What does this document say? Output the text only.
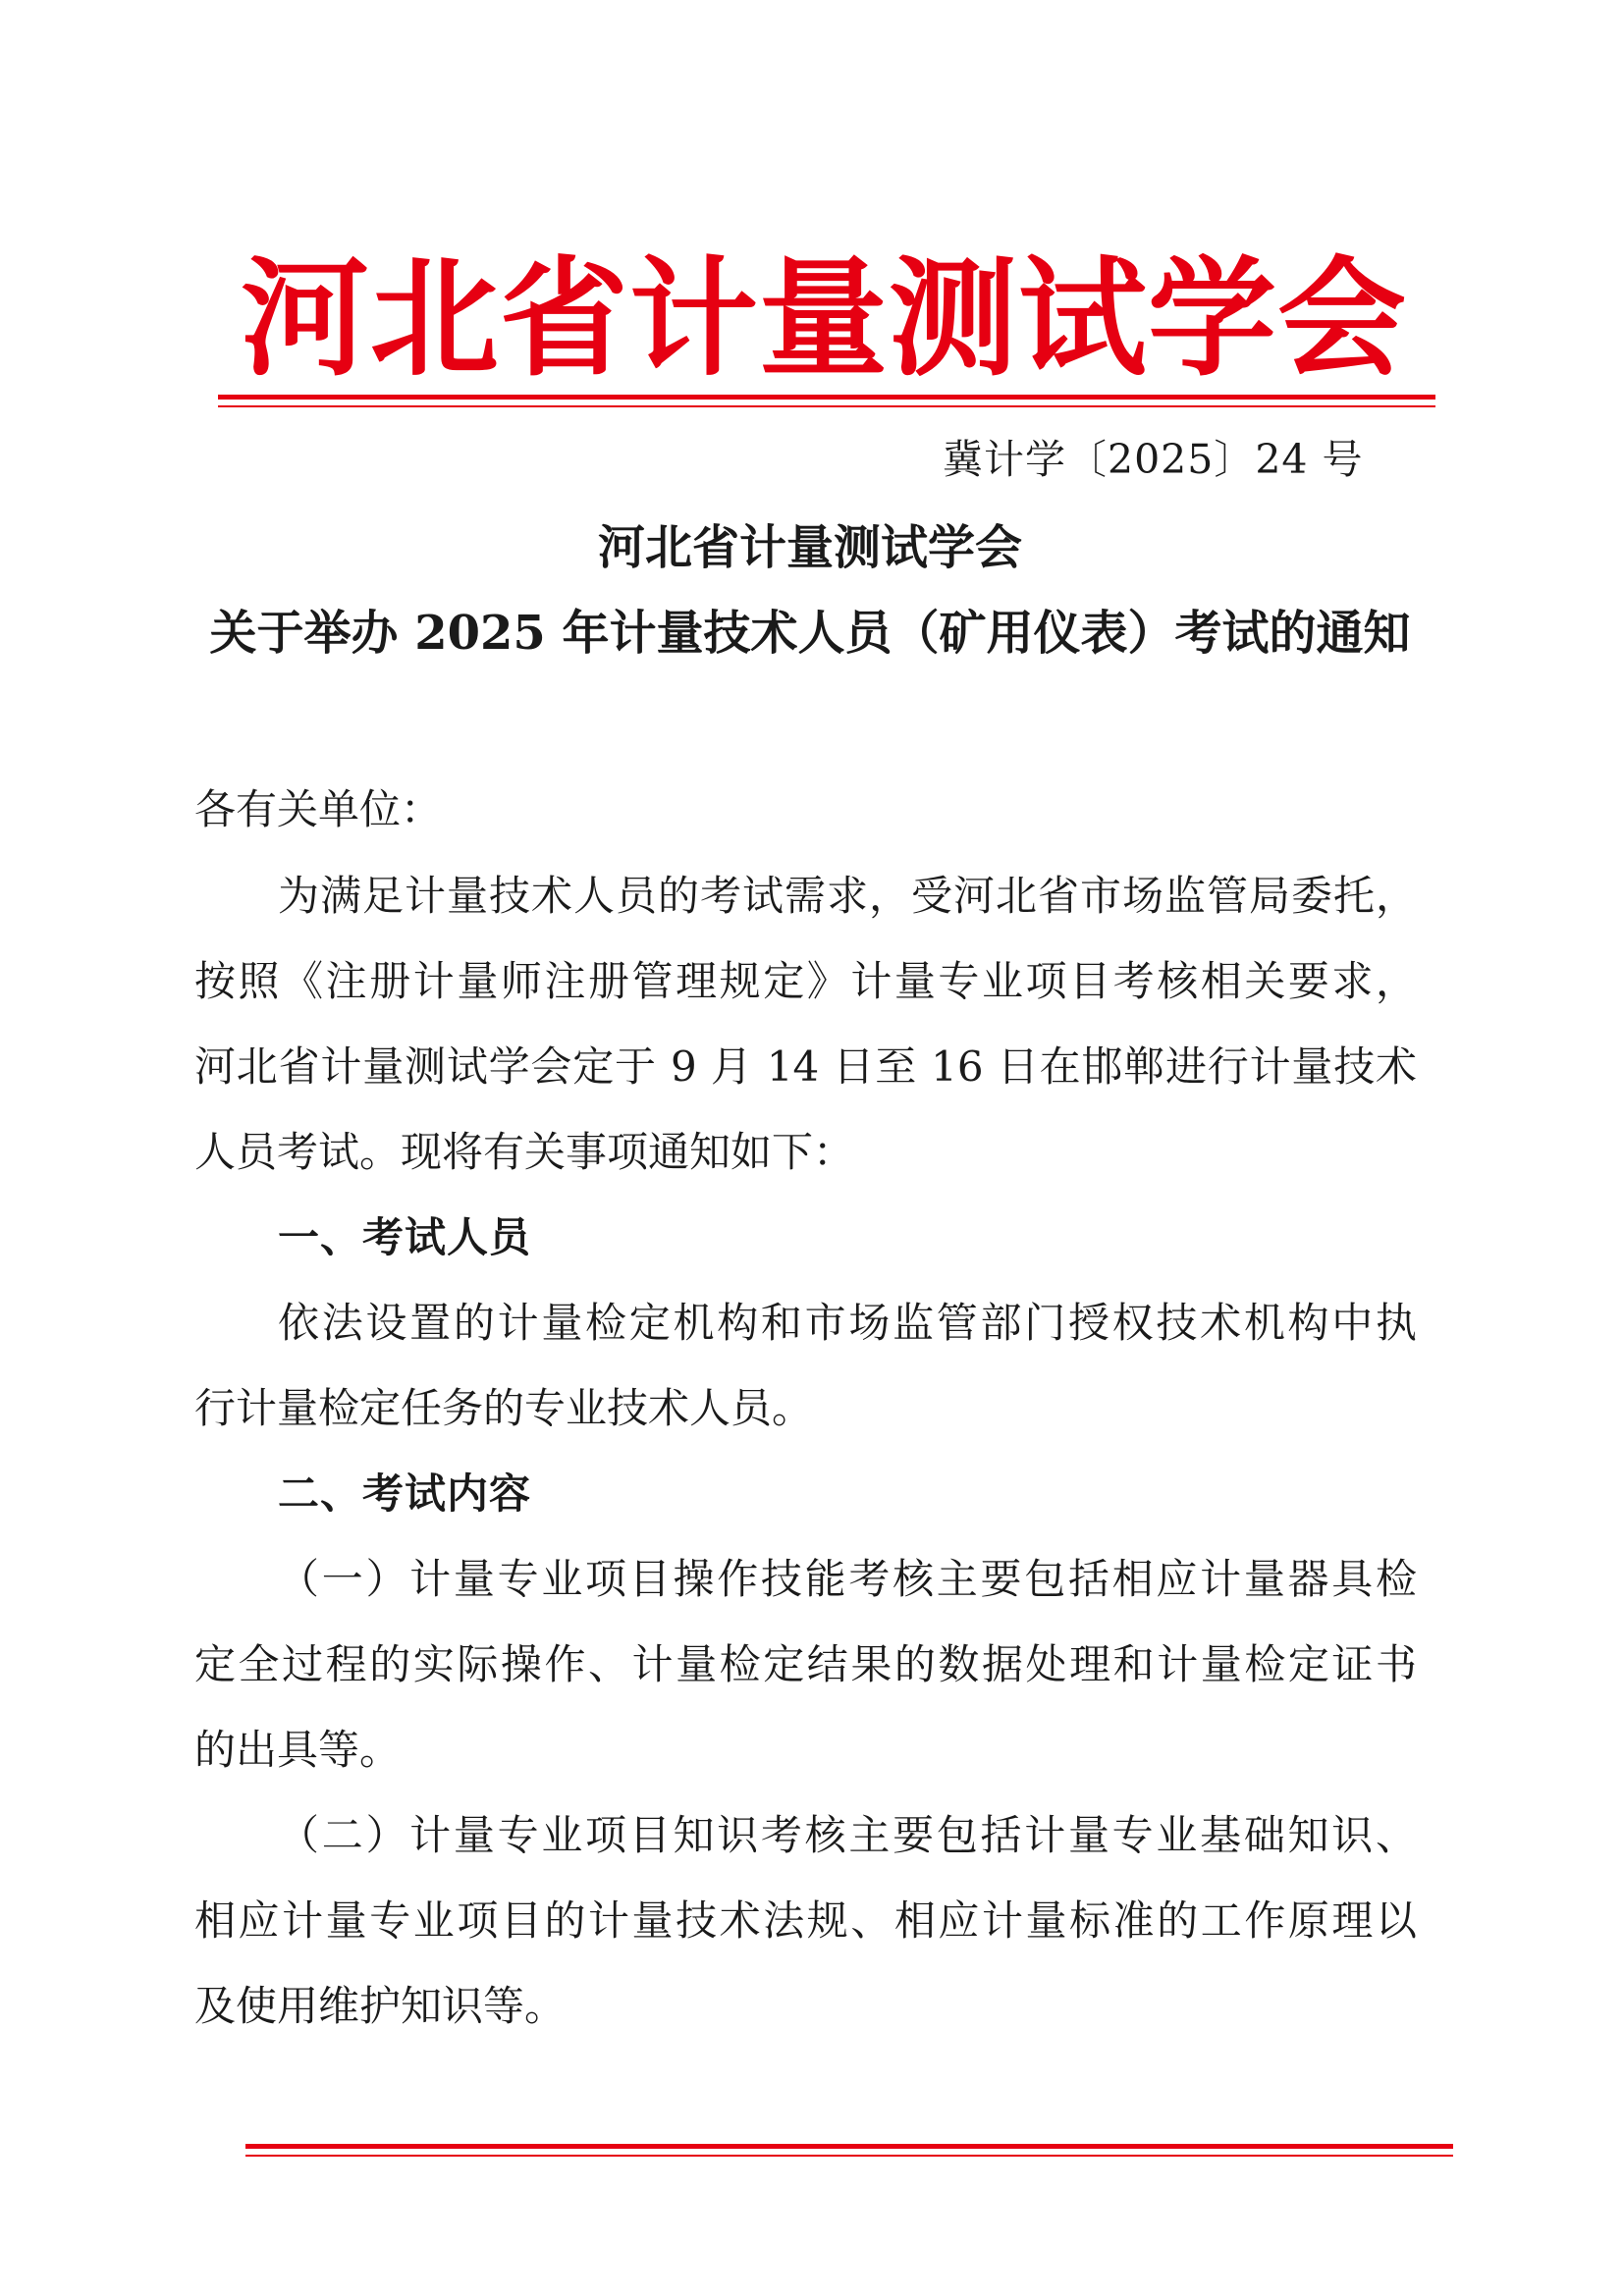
河北省计量测试学会
冀计学〔2025〕24 号
河北省计量测试学会
关于举办 2025 年计量技术人员（矿用仪表）考试的通知
各有关单位：
为满足计量技术人员的考试需求，受河北省市场监管局委托，
按照《注册计量师注册管理规定》计量专业项目考核相关要求，
河北省计量测试学会定于 9 月 14 日至 16 日在邯郸进行计量技术
人员考试。现将有关事项通知如下：
一、考试人员
依法设置的计量检定机构和市场监管部门授权技术机构中执
行计量检定任务的专业技术人员。
二、考试内容
（一）计量专业项目操作技能考核主要包括相应计量器具检
定全过程的实际操作、计量检定结果的数据处理和计量检定证书
的出具等。
（二）计量专业项目知识考核主要包括计量专业基础知识、
相应计量专业项目的计量技术法规、相应计量标准的工作原理以
及使用维护知识等。
